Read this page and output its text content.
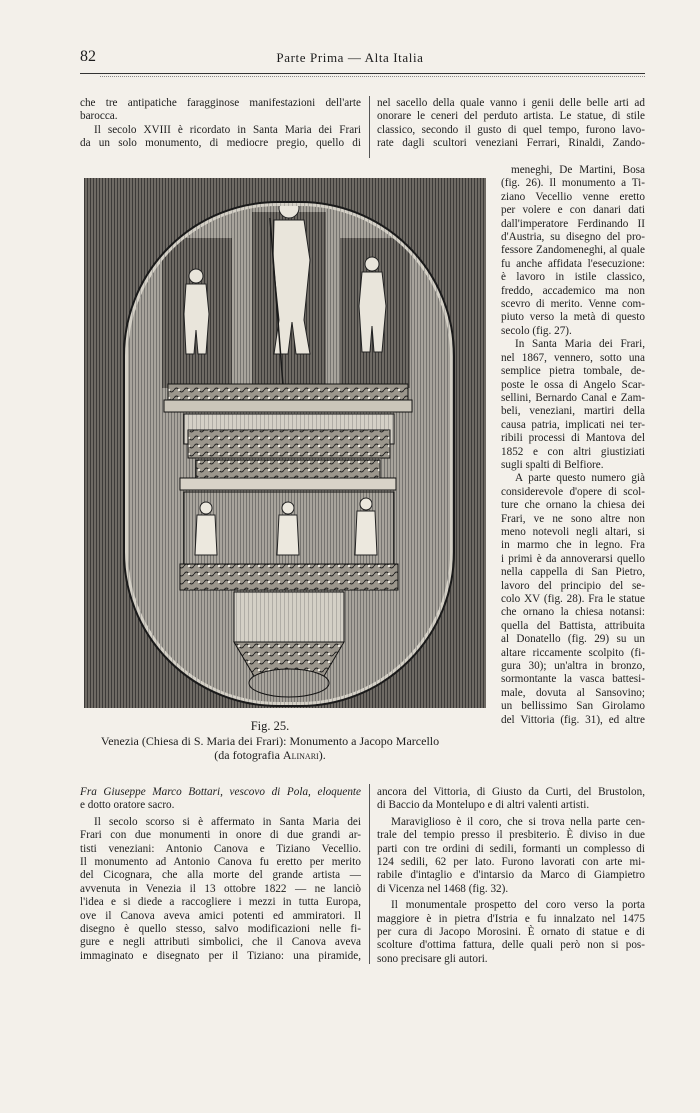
82	Parte Prima — Alta Italia
che tre antipatiche faragginose manifestazioni dell'arte
barocca.
Il secolo XVIII è ricordato in Santa Maria dei Frari
da un solo monumento, di mediocre pregio, quello di
nel sacello della quale vanno i genii delle belle arti ad
onorare le ceneri del perduto artista. Le statue, di stile
classico, secondo il gusto di quel tempo, furono lavo-
rate dagli scultori veneziani Ferrari, Rinaldi, Zando-
meneghi, De Martini, Bosa
(fig. 26). Il monumento a Ti-
ziano Vecellio venne eretto
per volere e con danari dati
dall'imperatore Ferdinando II
d'Austria, su disegno del pro-
fessore Zandomeneghi, al quale
fu anche affidata l'esecuzione:
è lavoro in istile classico,
freddo, accademico ma non
scevro di merito. Venne com-
piuto verso la metà di questo
secolo (fig. 27).
In Santa Maria dei Frari,
nel 1867, vennero, sotto una
semplice pietra tombale, de-
poste le ossa di Angelo Scar-
sellini, Bernardo Canal e Zam-
beli, veneziani, martiri della
causa patria, implicati nei ter-
ribili processi di Mantova del
1852 e con altri giustiziati
sugli spalti di Belfiore.
A parte questo numero già
considerevole d'opere di scol-
ture che ornano la chiesa dei
Frari, ve ne sono altre non
meno notevoli negli altari, si
in marmo che in legno. Fra
i primi è da annoverarsi quello
nella cappella di San Pietro,
lavoro del principio del se-
colo XV (fig. 28). Fra le statue
che ornano la chiesa notansi:
quella del Battista, attribuita
al Donatello (fig. 29) su un
altare riccamente scolpito (fi-
gura 30); un'altra in bronzo,
sormontante la vasca battesi-
male, dovuta al Sansovino;
un bellissimo San Girolamo
del Vittoria (fig. 31), ed altre
Fig. 25.
Venezia (Chiesa di S. Maria dei Frari): Monumento a Jacopo Marcello
(da fotografia Alinari).
Fra Giuseppe Marco Bottari, vescovo di Pola, eloquente
e dotto oratore sacro.
Il secolo scorso si è affermato in Santa Maria dei
Frari con due monumenti in onore di due grandi ar-
tisti veneziani: Antonio Canova e Tiziano Vecellio.
Il monumento ad Antonio Canova fu eretto per merito
del Cicognara, che alla morte del grande artista —
avvenuta in Venezia il 13 ottobre 1822 — ne lanciò
l'idea e si diede a raccogliere i mezzi in tutta Europa,
ove il Canova aveva amici potenti ed ammiratori. Il
disegno è quello stesso, salvo modificazioni nelle fi-
gure e negli attributi simbolici, che il Canova aveva
immaginato e disegnato per il Tiziano: una piramide,
ancora del Vittoria, di Giusto da Curti, del Brustolon,
di Baccio da Montelupo e di altri valenti artisti.
Maraviglioso è il coro, che si trova nella parte cen-
trale del tempio presso il presbiterio. È diviso in due
parti con tre ordini di sedili, formanti un complesso di
124 sedili, 62 per lato. Furono lavorati con arte mi-
rabile d'intaglio e d'intarsio da Marco di Giampietro
di Vicenza nel 1468 (fig. 32).
Il monumentale prospetto del coro verso la porta
maggiore è in pietra d'Istria e fu innalzato nel 1475
per cura di Jacopo Morosini. È ornato di statue e di
scolture d'ottima fattura, delle quali però non si pos-
sono precisare gli autori.
